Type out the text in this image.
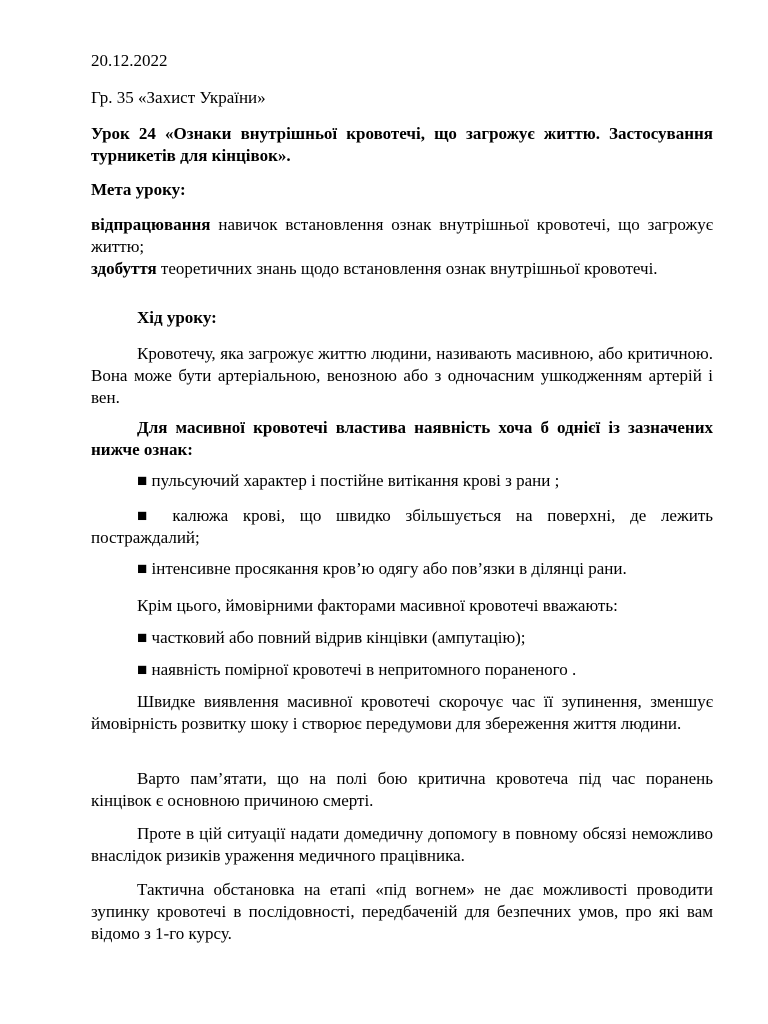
20.12.2022

Гр. 35 «Захист України»

Урок 24 «Ознаки внутрішньої кровотечі, що загрожує життю. Застосування турникетів для кінцівок».

Мета уроку:

відпрацювання навичок встановлення ознак внутрішньої кровотечі, що загрожує життю;

здобуття теоретичних знань щодо встановлення ознак внутрішньої кровотечі.

Хід уроку:

Кровотечу, яка загрожує життю людини, називають масивною, або критичною. Вона може бути артеріальною, венозною або з одночасним ушкодженням артерій і вен.

Для масивної кровотечі властива наявність хоча б однієї із зазначених нижче ознак:

■ пульсуючий характер і постійне витікання крові з рани ;

■ калюжа крові, що швидко збільшується на поверхні, де лежить постраждалий;

■ інтенсивне просякання кров’ю одягу або пов’язки в ділянці рани.

Крім цього, ймовірними факторами масивної кровотечі вважають:

■ частковий або повний відрив кінцівки (ампутацію);

■ наявність помірної кровотечі в непритомного пораненого .

Швидке виявлення масивної кровотечі скорочує час її зупинення, зменшує ймовірність розвитку шоку і створює передумови для збереження життя людини.

Варто пам’ятати, що на полі бою критична кровотеча під час поранень кінцівок є основною причиною смерті.

Проте в цій ситуації надати домедичну допомогу в повному обсязі неможливо внаслідок ризиків ураження медичного працівника.

Тактична обстановка на етапі «під вогнем» не дає можливості проводити зупинку кровотечі в послідовності, передбаченій для безпечних умов, про які вам відомо з 1-го курсу.
